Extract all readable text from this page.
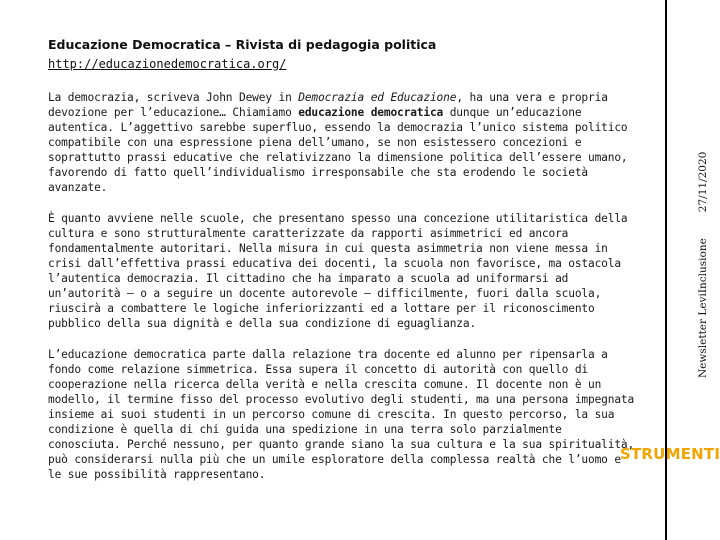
Educazione Democratica – Rivista di pedagogia politica
http://educazionedemocratica.org/

La democrazia, scriveva John Dewey in Democrazia ed Educazione, ha una vera e propria devozione per l’educazione… Chiamiamo educazione democratica dunque un’educazione autentica. L’aggettivo sarebbe superfluo, essendo la democrazia l’unico sistema politico compatibile con una espressione piena dell’umano, se non esistessero concezioni e soprattutto prassi educative che relativizzano la dimensione politica dell’essere umano, favorendo di fatto quell’individualismo irresponsabile che sta erodendo le società avanzate.

È quanto avviene nelle scuole, che presentano spesso una concezione utilitaristica della cultura e sono strutturalmente caratterizzate da rapporti asimmetrici ed ancora fondamentalmente autoritari. Nella misura in cui questa asimmetria non viene messa in crisi dall’effettiva prassi educativa dei docenti, la scuola non favorisce, ma ostacola l’autentica democrazia. Il cittadino che ha imparato a scuola ad uniformarsi ad un’autorità – o a seguire un docente autorevole – difficilmente, fuori dalla scuola, riuscirà a combattere le logiche inferiorizzanti ed a lottare per il riconoscimento pubblico della sua dignità e della sua condizione di eguaglianza.

L’educazione democratica parte dalla relazione tra docente ed alunno per ripensarla a fondo come relazione simmetrica. Essa supera il concetto di autorità con quello di cooperazione nella ricerca della verità e nella crescita comune. Il docente non è un modello, il termine fisso del processo evolutivo degli studenti, ma una persona impegnata insieme ai suoi studenti in un percorso comune di crescita. In questo percorso, la sua condizione è quella di chi guida una spedizione in una terra solo parzialmente conosciuta. Perché nessuno, per quanto grande siano la sua cultura e la sua spiritualità, può considerarsi nulla più che un umile esploratore della complessa realtà che l’uomo e le sue possibilità rappresentano.

Newsletter LeviInclusione
27/11/2020
STRUMENTI
